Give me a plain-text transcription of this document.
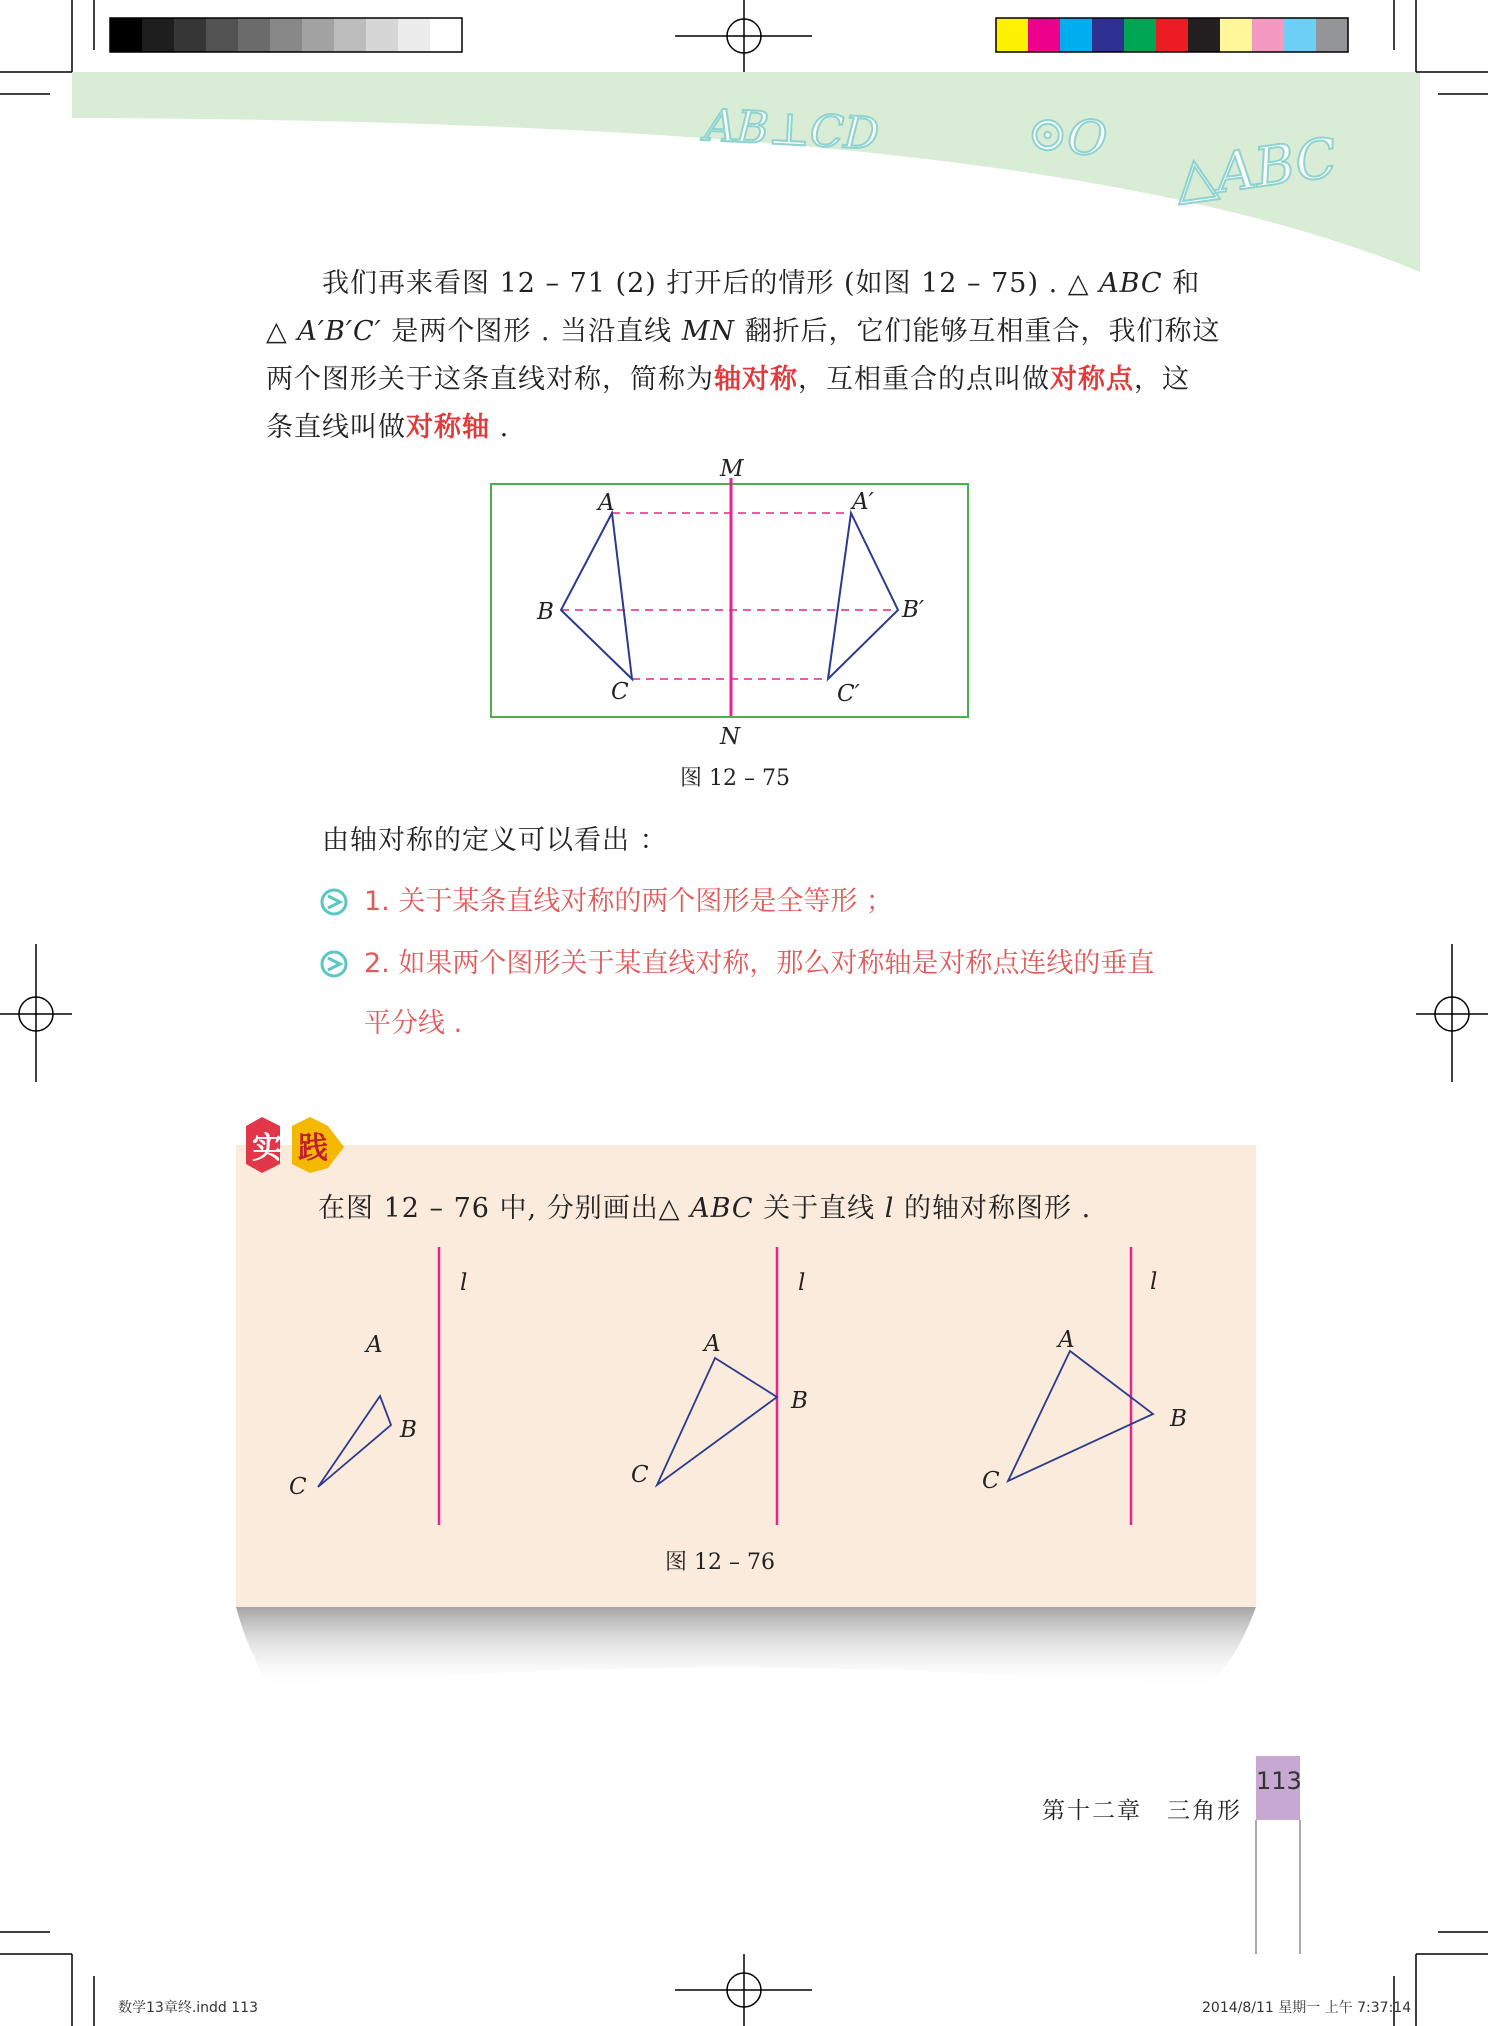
AB⊥CD	⊙O △ABC
我们再来看图 12 – 71 (2) 打开后的情形 (如图 12 – 75) . △ ABC 和
△ A′B′C′ 是两个图形 . 当沿直线 MN 翻折后，它们能够互相重合，我们称这
两个图形关于这条直线对称，简称为轴对称，互相重合的点叫做对称点，这
条直线叫做对称轴 .
M
N
A
B
C
A′
B′
C′
图 12 – 75
由轴对称的定义可以看出 ：
1. 关于某条直线对称的两个图形是全等形 ；
2. 如果两个图形关于某直线对称，那么对称轴是对称点连线的垂直
平分线 .
实 践
在图 12 – 76 中, 分别画出△ ABC 关于直线 l 的轴对称图形 .
l
A
B
C
l
A
B
C
l
A
B
C
图 12 – 76
第十二章　三角形
113
数学13章终.indd 113	2014/8/11 星期一 上午 7:37:14
